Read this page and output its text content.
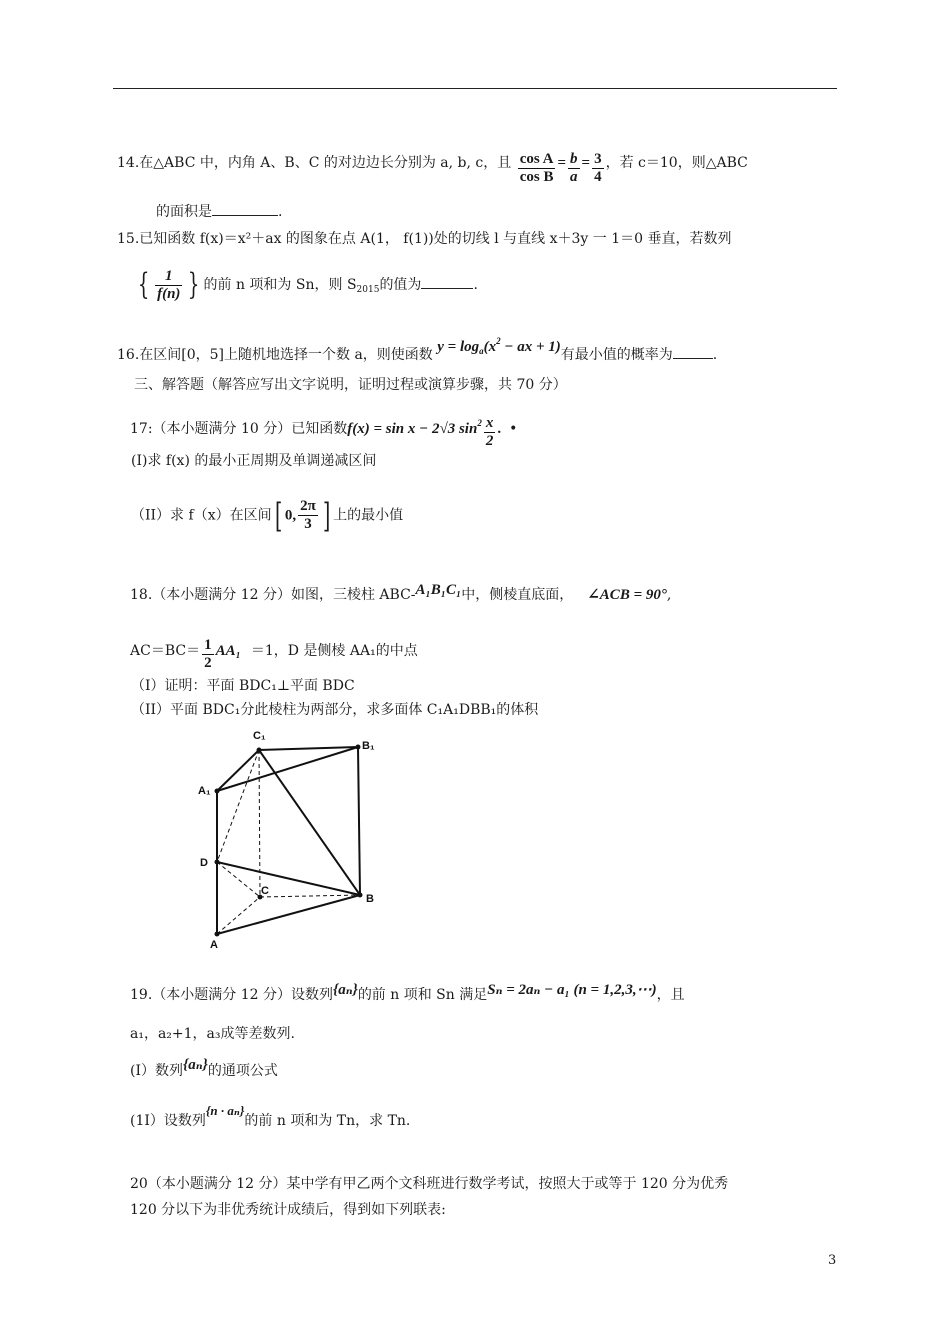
14.在△ABC 中，内角 A、B、C 的对边边长分别为 a, b, c，且 $\frac{\text{cos A}}{\text{cos B}} = \frac{b}{a} = \frac{3}{4}$ ，若 c＝10，则△ABC
的面积是	.
15.已知函数 f(x)＝x²＋ax 的图象在点 A(1， f(1))处的切线 l 与直线 x＋3y 一 1＝0 垂直，若数列
{ $\frac{1}{f(n)}$ } 的前 n 项和为 Sn，则 $S_{2015}$的值为	.
16.在区间[0，5]上随机地选择一个数 a，则使函数 $y = \log_a(x^2$ − ax + 1)有最小值的概率为	.
三、解答题（解答应写出文字说明，证明过程或演算步骤，共 70 分）
17:（本小题满分 10 分）已知函数f(x) = sin x − 2√3 $\sin^2 \frac{x}{2}$ . •
(I)求 f(x) 的最小正周期及单调递减区间
（II）求 f（x）在区间[ 0, $\frac{2\pi}{3}$ ] 上的最小值
18.（本小题满分 12 分）如图，三棱柱 ABC-A₁B₁C₁中，侧棱直底面， ∠ACB = 90°,
$AC=BC= \frac{1}{2} AA_1 =1$，D 是侧棱 AA₁的中点
（I）证明：平面 BDC₁⊥平面 BDC
（II）平面 BDC₁分此棱柱为两部分，求多面体 C₁A₁DBB₁的体积
C₁
B₁
A₁
D
C
B
A
19.（本小题满分 12 分）设数列{aₙ}的前 n 项和 Sn 满足Sₙ = 2aₙ − a₁ (n = 1,2,3,⋯)，且
a₁，a₂+1，a₃成等差数列.
(I）数列{aₙ}的通项公式
(1I）设数列{n · aₙ}的前 n 项和为 Tn，求 Tn.
20（本小题满分 12 分）某中学有甲乙两个文科班进行数学考试，按照大于或等于 120 分为优秀
120 分以下为非优秀统计成绩后，得到如下列联表:
3
